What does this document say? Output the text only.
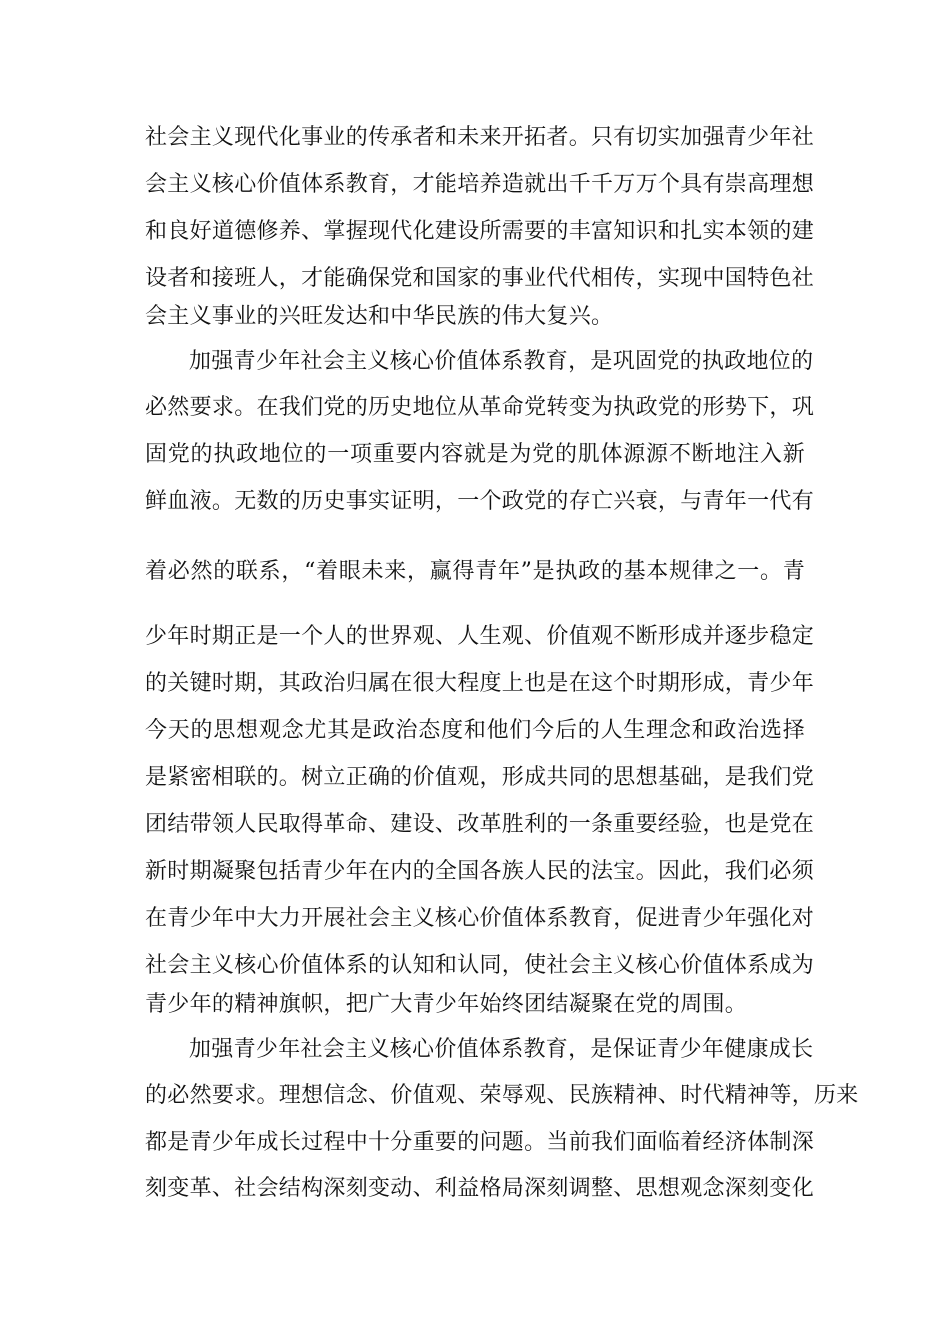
社会主义现代化事业的传承者和未来开拓者。只有切实加强青少年社
会主义核心价值体系教育，才能培养造就出千千万万个具有崇高理想
和良好道德修养、掌握现代化建设所需要的丰富知识和扎实本领的建
设者和接班人，才能确保党和国家的事业代代相传，实现中国特色社
会主义事业的兴旺发达和中华民族的伟大复兴。
加强青少年社会主义核心价值体系教育，是巩固党的执政地位的
必然要求。在我们党的历史地位从革命党转变为执政党的形势下，巩
固党的执政地位的一项重要内容就是为党的肌体源源不断地注入新
鲜血液。无数的历史事实证明，一个政党的存亡兴衰，与青年一代有
着必然的联系，“着眼未来，赢得青年”是执政的基本规律之一。青
少年时期正是一个人的世界观、人生观、价值观不断形成并逐步稳定
的关键时期，其政治归属在很大程度上也是在这个时期形成，青少年
今天的思想观念尤其是政治态度和他们今后的人生理念和政治选择
是紧密相联的。树立正确的价值观，形成共同的思想基础，是我们党
团结带领人民取得革命、建设、改革胜利的一条重要经验，也是党在
新时期凝聚包括青少年在内的全国各族人民的法宝。因此，我们必须
在青少年中大力开展社会主义核心价值体系教育，促进青少年强化对
社会主义核心价值体系的认知和认同，使社会主义核心价值体系成为
青少年的精神旗帜，把广大青少年始终团结凝聚在党的周围。
加强青少年社会主义核心价值体系教育，是保证青少年健康成长
的必然要求。理想信念、价值观、荣辱观、民族精神、时代精神等，历来
都是青少年成长过程中十分重要的问题。当前我们面临着经济体制深
刻变革、社会结构深刻变动、利益格局深刻调整、思想观念深刻变化
